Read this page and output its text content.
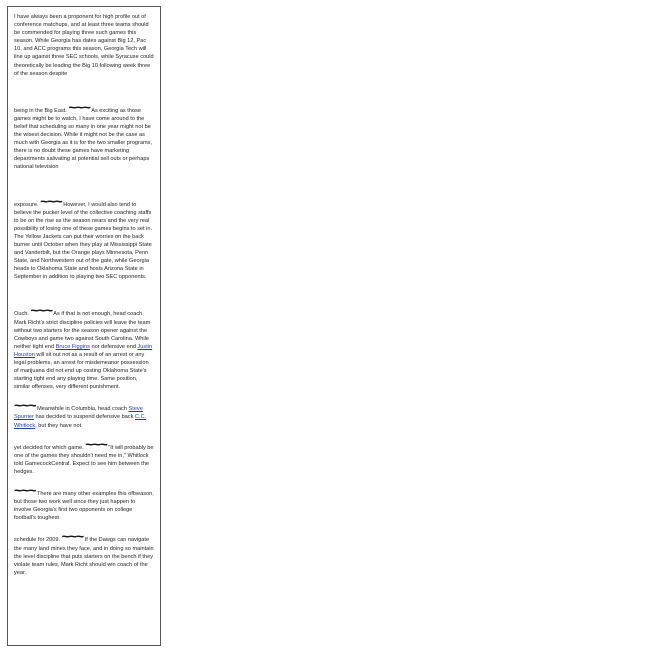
I have always been a proponent for high profile out of conference matchups, and at least three teams should be commended for playing three such games this season. While Georgia has dates against Big 12, Pac 10, and ACC programs this season, Georgia Tech will line up against three SEC schools, while Syracuse could theoretically be leading the Big 10 following week three of the season despite

being in the Big East. ~~~ As exciting as those games might be to watch, I have come around to the belief that scheduling so many in one year might not be the wisest decision. While it might not be the case as much with Georgia as it is for the two smaller programs, there is no doubt these games have marketing departments salivating at potential sell outs or perhaps national television

exposure. ~~~ However, I would also tend to believe the pucker level of the collective coaching staffs to be on the rise as the season nears and the very real possibility of losing one of these games begins to set in. The Yellow Jackets can put their worries on the back burner until October when they play at Mississippi State and Vanderbilt, but the Orange plays Minnesota, Penn State, and Northwestern out of the gate, while Georgia heads to Oklahoma State and hosts Arizona State in September in addition to playing two SEC opponents.

Ouch. ~~~ As if that is not enough, head coach Mark Richt's strict discipline policies will leave the team without two starters for the season opener against the Cowboys and game two against South Carolina. While neither tight end Bruce Figgins nor defensive end Justin Houston will sit out not as a result of an arrest or any legal problems, an arrest for misdemeanor possession of marijuana did not end up costing Oklahoma State's starting tight end any playing time. Same position, similar offenses, very different punishment.

~~~ Meanwhile in Columbia, head coach Steve Spurrier has decided to suspend defensive back C.C. Whitlock, but they have not

yet decided for which game. ~~~ "It will probably be one of the games they shouldn't need me in," Whitlock told GamecockCentral. Expect to see him between the hedges.

~~~ There are many other examples this offseason, but those two work well since they just happen to involve Georgia's first two opponents on college football's toughest

schedule for 2009. ~~~ If the Dawgs can navigate the many land mines they face, and in doing so maintain the level discipline that puts starters on the bench if they violate team rules, Mark Richt should win coach of the year.
